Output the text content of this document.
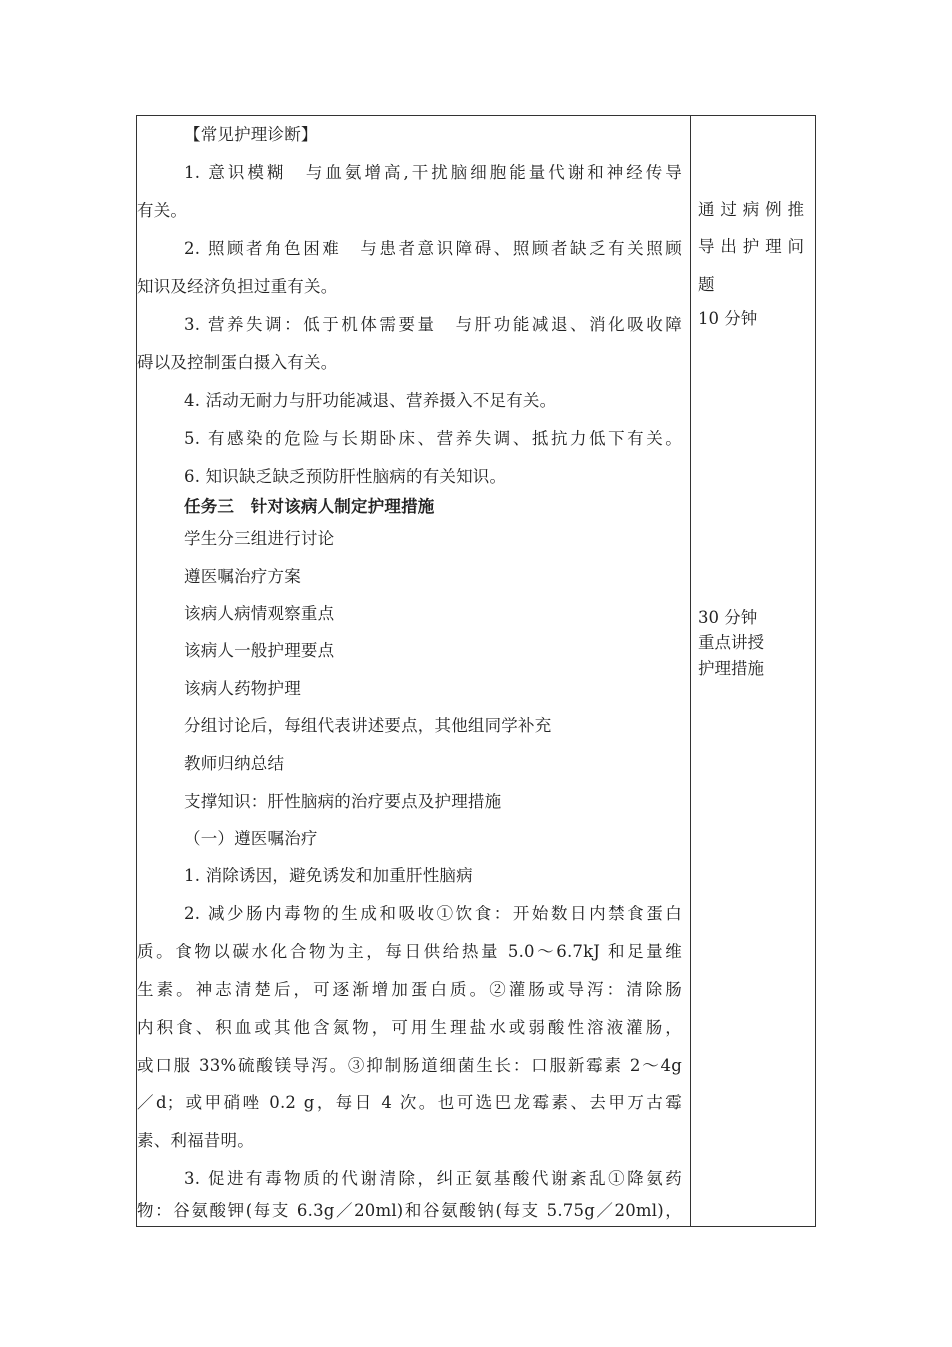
【常见护理诊断】
1. 意识模糊　与血氨增高,干扰脑细胞能量代谢和神经传导
有关。
2. 照顾者角色困难　与患者意识障碍、照顾者缺乏有关照顾
知识及经济负担过重有关。
3. 营养失调：低于机体需要量　与肝功能减退、消化吸收障
碍以及控制蛋白摄入有关。
4. 活动无耐力与肝功能减退、营养摄入不足有关。
5. 有感染的危险与长期卧床、营养失调、抵抗力低下有关。
6. 知识缺乏缺乏预防肝性脑病的有关知识。
任务三　针对该病人制定护理措施
学生分三组进行讨论
遵医嘱治疗方案
该病人病情观察重点
该病人一般护理要点
该病人药物护理
分组讨论后，每组代表讲述要点，其他组同学补充
教师归纳总结
支撑知识：肝性脑病的治疗要点及护理措施
（一）遵医嘱治疗
1. 消除诱因，避免诱发和加重肝性脑病
2. 减少肠内毒物的生成和吸收①饮食：开始数日内禁食蛋白
质。食物以碳水化合物为主，每日供给热量 5.0～6.7kJ 和足量维
生素。神志清楚后，可逐渐增加蛋白质。②灌肠或导泻：清除肠
内积食、积血或其他含氮物，可用生理盐水或弱酸性溶液灌肠，
或口服 33%硫酸镁导泻。③抑制肠道细菌生长：口服新霉素 2～4g
／d；或甲硝唑 0.2 g，每日 4 次。也可选巴龙霉素、去甲万古霉
素、利福昔明。
3. 促进有毒物质的代谢清除，纠正氨基酸代谢紊乱①降氨药
物：谷氨酸钾(每支 6.3g／20ml)和谷氨酸钠(每支 5.75g／20ml)，
通过病例推
导出护理问
题
10 分钟
30 分钟
重点讲授
护理措施
